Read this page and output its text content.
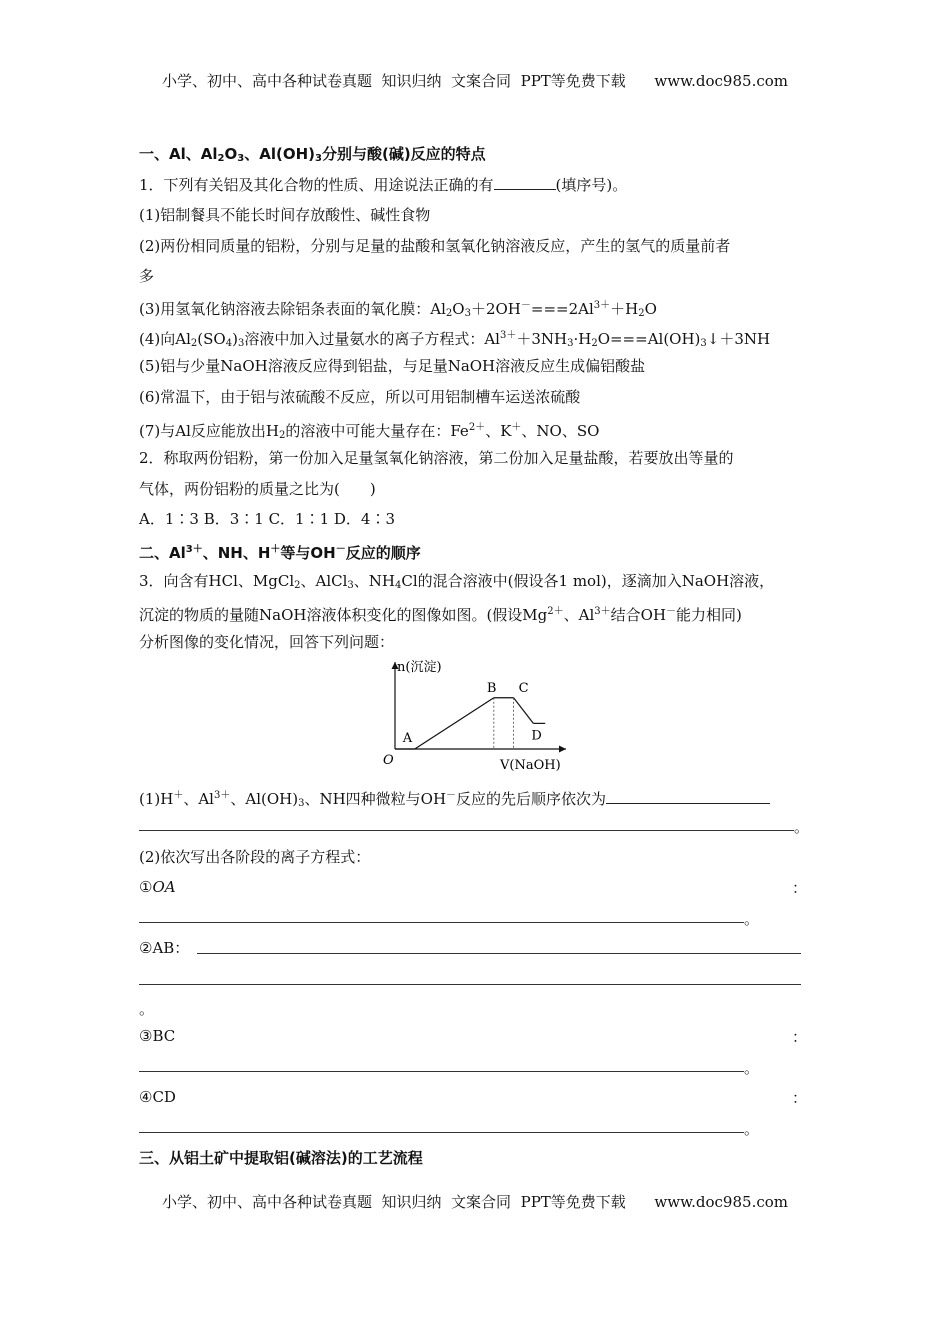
小学、初中、高中各种试卷真题  知识归纳  文案合同  PPT等免费下载      www.doc985.com
一、Al、$Al_2O_3$、$Al(OH)_3$分别与酸(碱)反应的特点
1．下列有关铝及其化合物的性质、用途说法正确的有	(填序号)。
(1)铝制餐具不能长时间存放酸性、碱性食物
(2)两份相同质量的铝粉，分别与足量的盐酸和氢氧化钠溶液反应，产生的氢气的质量前者
多
(3)用氢氧化钠溶液去除铝条表面的氧化膜：$Al_2O_3+2OH^-===2Al^{3+}+H_2O$
(4)向$Al_2(SO_4)_3$溶液中加入过量氨水的离子方程式：$Al^{3+}+3NH_3\cdot H_2O===Al(OH)_3↓+3NH$
(5)铝与少量NaOH溶液反应得到铝盐，与足量NaOH溶液反应生成偏铝酸盐
(6)常温下，由于铝与浓硫酸不反应，所以可用铝制槽车运送浓硫酸
(7)与Al反应能放出$H_2$的溶液中可能大量存在：$Fe^{2+}$、K＋、NO、SO
2．称取两份铝粉，第一份加入足量氢氧化钠溶液，第二份加入足量盐酸，若要放出等量的
气体，两份铝粉的质量之比为(　　)
A．1∶3 B．3∶1 C．1∶1 D．4∶3
二、$Al^{3+}$、NH、H＋等与OH－反应的顺序
3．向含有HCl、MgCl$_2$、AlCl$_3$、$NH_4Cl$的混合溶液中(假设各1 mol)，逐滴加入NaOH溶液，
沉淀的物质的量随NaOH溶液体积变化的图像如图。(假设$Mg^{2+}$、$Al^{3+}$结合OH－能力相同)
分析图像的变化情况，回答下列问题：
n(沉淀)
V(NaOH)
O
A
B C
D
(1)H＋、$Al^{3+}$、$Al(OH)_3$、NH四种微粒与OH－反应的先后顺序依次为
。
(2)依次写出各阶段的离子方程式：
①OA	：
。
②AB：
。
③BC	：
。
④CD	：
。
三、从铝土矿中提取铝(碱溶法)的工艺流程
小学、初中、高中各种试卷真题  知识归纳  文案合同  PPT等免费下载      www.doc985.com
